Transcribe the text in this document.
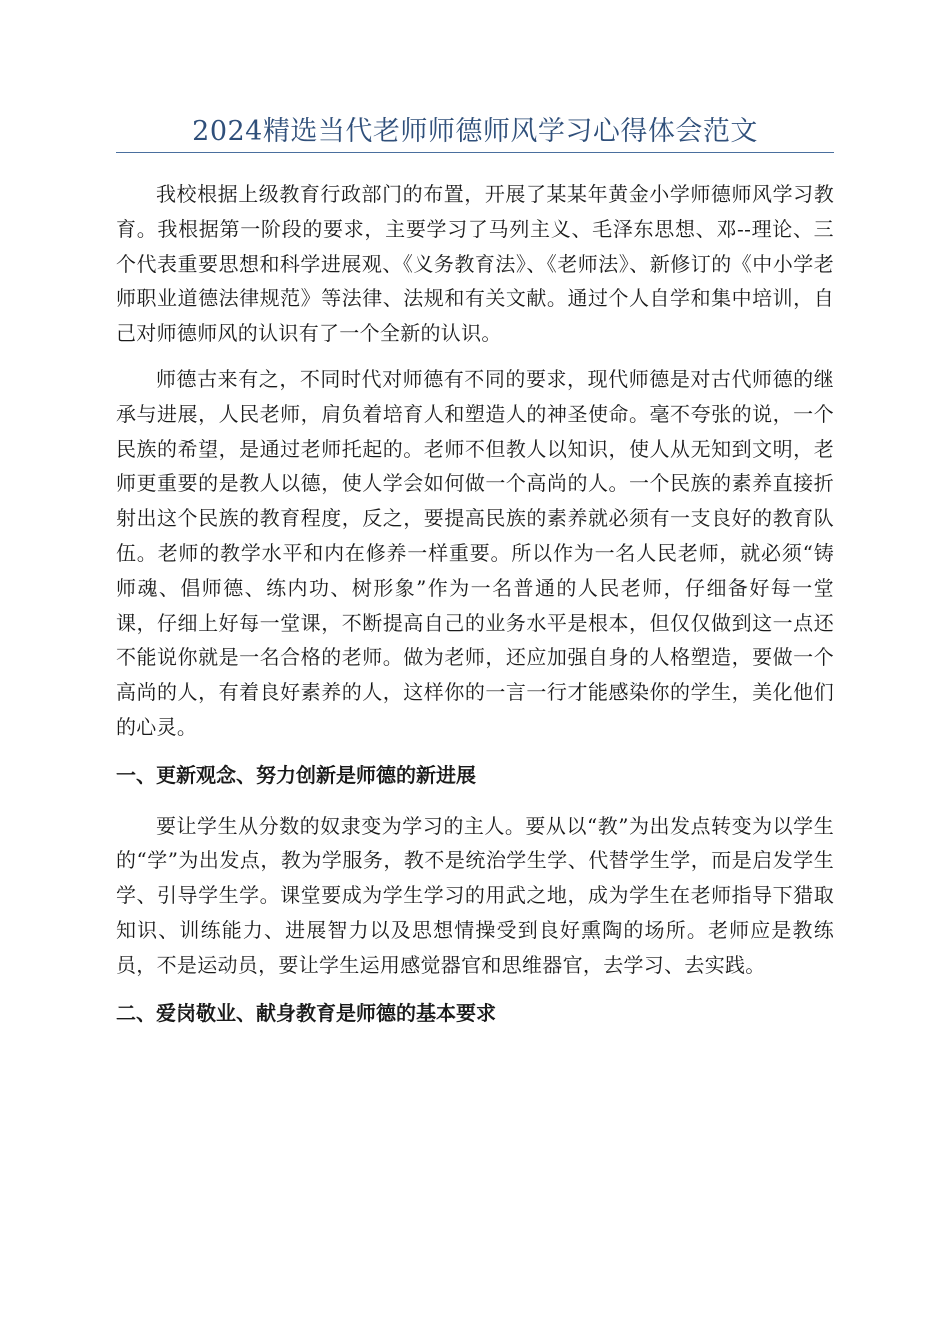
2024精选当代老师师德师风学习心得体会范文

我校根据上级教育行政部门的布置，开展了某某年黄金小学师德师风学习教育。我根据第一阶段的要求，主要学习了马列主义、毛泽东思想、邓--理论、三个代表重要思想和科学进展观、《义务教育法》、《老师法》、新修订的《中小学老师职业道德法律规范》等法律、法规和有关文献。通过个人自学和集中培训，自己对师德师风的认识有了一个全新的认识。

师德古来有之，不同时代对师德有不同的要求，现代师德是对古代师德的继承与进展，人民老师，肩负着培育人和塑造人的神圣使命。毫不夸张的说，一个民族的希望，是通过老师托起的。老师不但教人以知识，使人从无知到文明，老师更重要的是教人以德，使人学会如何做一个高尚的人。一个民族的素养直接折射出这个民族的教育程度，反之，要提高民族的素养就必须有一支良好的教育队伍。老师的教学水平和内在修养一样重要。所以作为一名人民老师，就必须“铸师魂、倡师德、练内功、树形象”作为一名普通的人民老师，仔细备好每一堂课，仔细上好每一堂课，不断提高自己的业务水平是根本，但仅仅做到这一点还不能说你就是一名合格的老师。做为老师，还应加强自身的人格塑造，要做一个高尚的人，有着良好素养的人，这样你的一言一行才能感染你的学生，美化他们的心灵。

一、更新观念、努力创新是师德的新进展

要让学生从分数的奴隶变为学习的主人。要从以“教”为出发点转变为以学生的“学”为出发点，教为学服务，教不是统治学生学、代替学生学，而是启发学生学、引导学生学。课堂要成为学生学习的用武之地，成为学生在老师指导下猎取知识、训练能力、进展智力以及思想情操受到良好熏陶的场所。老师应是教练员，不是运动员，要让学生运用感觉器官和思维器官，去学习、去实践。

二、爱岗敬业、献身教育是师德的基本要求
